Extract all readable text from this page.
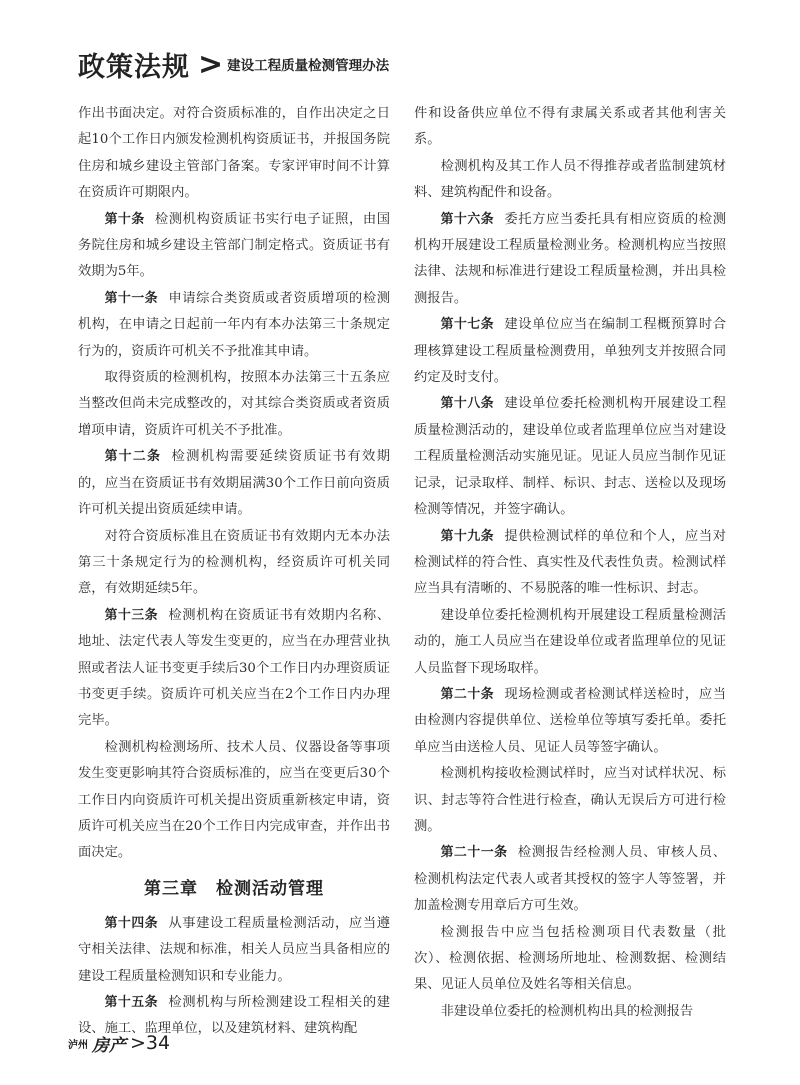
政策法规 > 建设工程质量检测管理办法

作出书面决定。对符合资质标准的，自作出决定之日起10个工作日内颁发检测机构资质证书，并报国务院住房和城乡建设主管部门备案。专家评审时间不计算在资质许可期限内。

第十条 检测机构资质证书实行电子证照，由国务院住房和城乡建设主管部门制定格式。资质证书有效期为5年。

第十一条 申请综合类资质或者资质增项的检测机构，在申请之日起前一年内有本办法第三十条规定行为的，资质许可机关不予批准其申请。

取得资质的检测机构，按照本办法第三十五条应当整改但尚未完成整改的，对其综合类资质或者资质增项申请，资质许可机关不予批准。

第十二条 检测机构需要延续资质证书有效期的，应当在资质证书有效期届满30个工作日前向资质许可机关提出资质延续申请。

对符合资质标准且在资质证书有效期内无本办法第三十条规定行为的检测机构，经资质许可机关同意，有效期延续5年。

第十三条 检测机构在资质证书有效期内名称、地址、法定代表人等发生变更的，应当在办理营业执照或者法人证书变更手续后30个工作日内办理资质证书变更手续。资质许可机关应当在2个工作日内办理完毕。

检测机构检测场所、技术人员、仪器设备等事项发生变更影响其符合资质标准的，应当在变更后30个工作日内向资质许可机关提出资质重新核定申请，资质许可机关应当在20个工作日内完成审查，并作出书面决定。

第三章　检测活动管理

第十四条 从事建设工程质量检测活动，应当遵守相关法律、法规和标准，相关人员应当具备相应的建设工程质量检测知识和专业能力。

第十五条 检测机构与所检测建设工程相关的建设、施工、监理单位，以及建筑材料、建筑构配

件和设备供应单位不得有隶属关系或者其他利害关系。

检测机构及其工作人员不得推荐或者监制建筑材料、建筑构配件和设备。

第十六条 委托方应当委托具有相应资质的检测机构开展建设工程质量检测业务。检测机构应当按照法律、法规和标准进行建设工程质量检测，并出具检测报告。

第十七条 建设单位应当在编制工程概预算时合理核算建设工程质量检测费用，单独列支并按照合同约定及时支付。

第十八条 建设单位委托检测机构开展建设工程质量检测活动的，建设单位或者监理单位应当对建设工程质量检测活动实施见证。见证人员应当制作见证记录，记录取样、制样、标识、封志、送检以及现场检测等情况，并签字确认。

第十九条 提供检测试样的单位和个人，应当对检测试样的符合性、真实性及代表性负责。检测试样应当具有清晰的、不易脱落的唯一性标识、封志。

建设单位委托检测机构开展建设工程质量检测活动的，施工人员应当在建设单位或者监理单位的见证人员监督下现场取样。

第二十条 现场检测或者检测试样送检时，应当由检测内容提供单位、送检单位等填写委托单。委托单应当由送检人员、见证人员等签字确认。

检测机构接收检测试样时，应当对试样状况、标识、封志等符合性进行检查，确认无误后方可进行检测。

第二十一条 检测报告经检测人员、审核人员、检测机构法定代表人或者其授权的签字人等签署，并加盖检测专用章后方可生效。

检测报告中应当包括检测项目代表数量（批次）、检测依据、检测场所地址、检测数据、检测结果、见证人员单位及姓名等相关信息。

非建设单位委托的检测机构出具的检测报告

泸州 房产 >34
